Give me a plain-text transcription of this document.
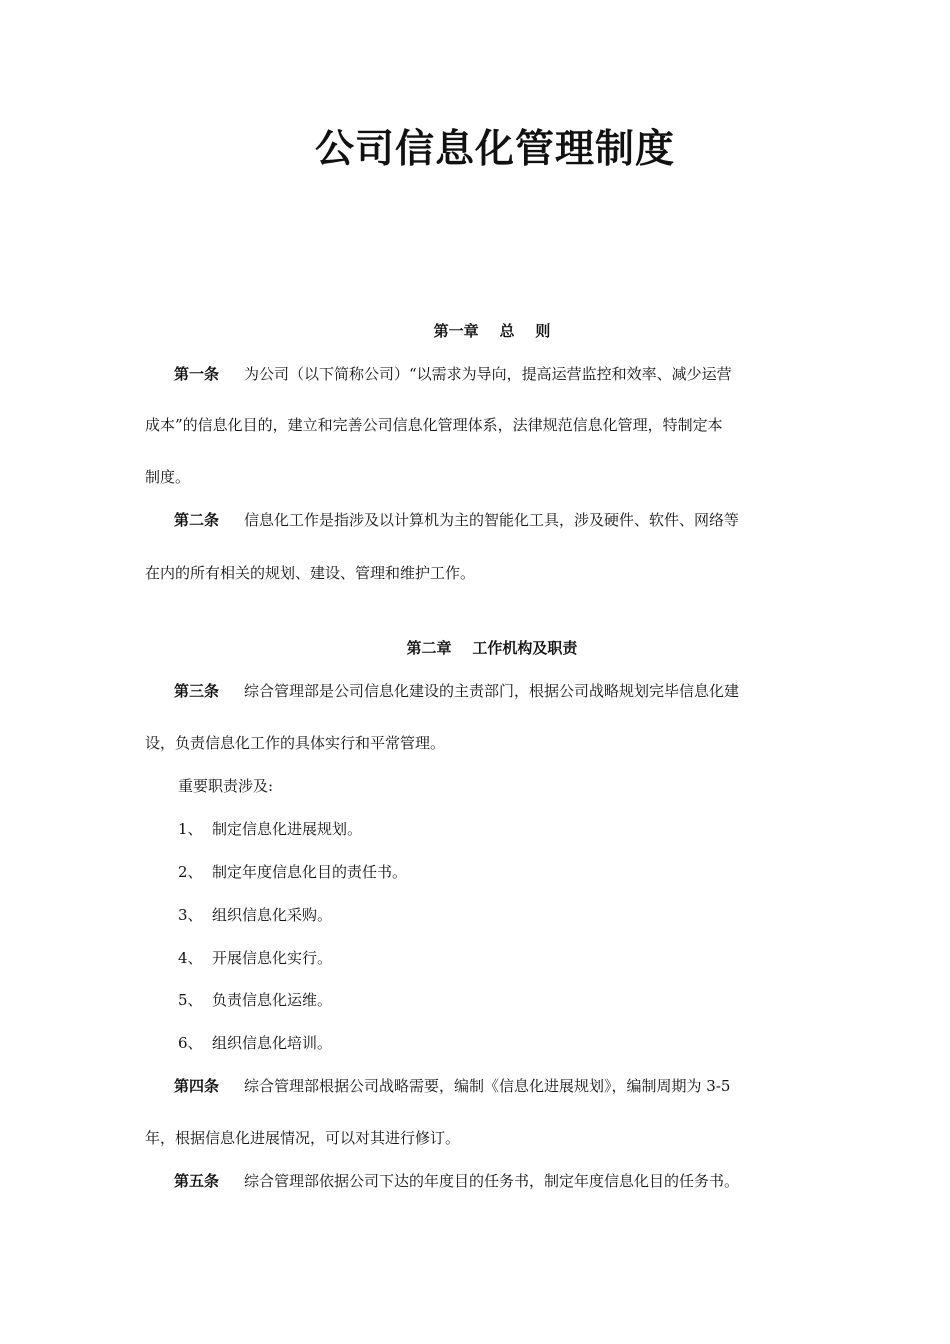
公司信息化管理制度
第一章    总    则
第一条 为公司（以下简称公司）“以需求为导向，提高运营监控和效率、减少运营
成本”的信息化目的，建立和完善公司信息化管理体系，法律规范信息化管理，特制定本
制度。
第二条 信息化工作是指涉及以计算机为主的智能化工具，涉及硬件、软件、网络等
在内的所有相关的规划、建设、管理和维护工作。
第二章    工作机构及职责
第三条 综合管理部是公司信息化建设的主责部门，根据公司战略规划完毕信息化建
设，负责信息化工作的具体实行和平常管理。
重要职责涉及:
1、 制定信息化进展规划。
2、 制定年度信息化目的责任书。
3、 组织信息化采购。
4、 开展信息化实行。
5、 负责信息化运维。
6、 组织信息化培训。
第四条 综合管理部根据公司战略需要，编制《信息化进展规划》，编制周期为 3-5
年，根据信息化进展情况，可以对其进行修订。
第五条 综合管理部依据公司下达的年度目的任务书，制定年度信息化目的任务书。
